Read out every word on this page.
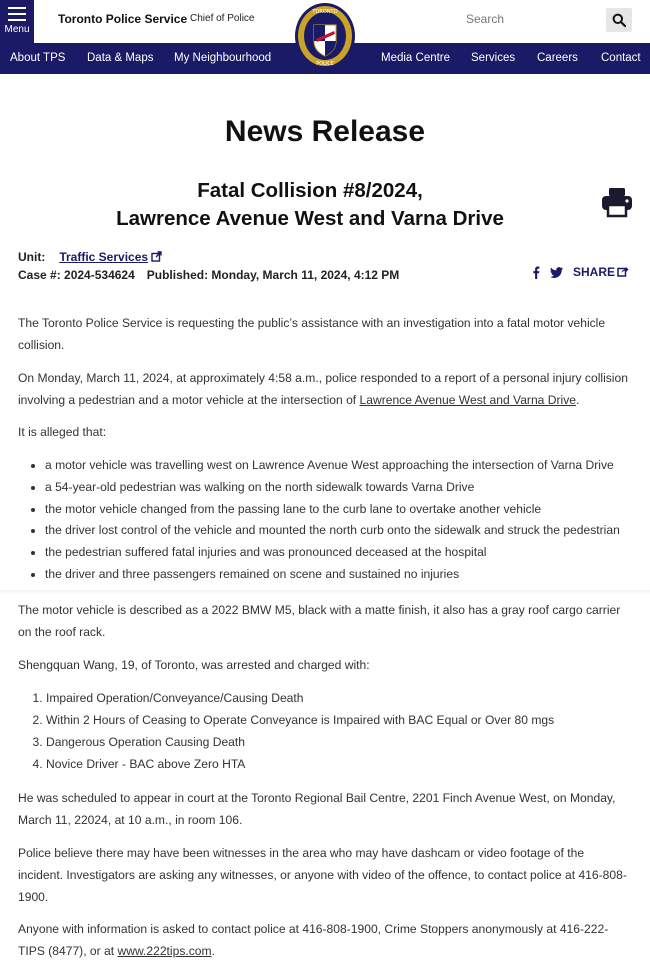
Menu
Toronto Police Service Chief of Police	Search
About TPS Data & Maps My Neighbourhood	Media Centre Services Careers Contact
TORONTO
POLICE
News Release
Fatal Collision #8/2024,
Lawrence Avenue West and Varna Drive
Unit: Traffic Services
Case #: 2024-534624 Published: Monday, March 11, 2024, 4:12 PM	SHARE
The Toronto Police Service is requesting the public’s assistance with an investigation into a fatal motor vehicle collision.
On Monday, March 11, 2024, at approximately 4:58 a.m., police responded to a report of a personal injury collision involving a pedestrian and a motor vehicle at the intersection of Lawrence Avenue West and Varna Drive.
It is alleged that:
• a motor vehicle was travelling west on Lawrence Avenue West approaching the intersection of Varna Drive
• a 54-year-old pedestrian was walking on the north sidewalk towards Varna Drive
• the motor vehicle changed from the passing lane to the curb lane to overtake another vehicle
• the driver lost control of the vehicle and mounted the north curb onto the sidewalk and struck the pedestrian
• the pedestrian suffered fatal injuries and was pronounced deceased at the hospital
• the driver and three passengers remained on scene and sustained no injuries
The motor vehicle is described as a 2022 BMW M5, black with a matte finish, it also has a gray roof cargo carrier on the roof rack.
Shengquan Wang, 19, of Toronto, was arrested and charged with:
1. Impaired Operation/Conveyance/Causing Death
2. Within 2 Hours of Ceasing to Operate Conveyance is Impaired with BAC Equal or Over 80 mgs
3. Dangerous Operation Causing Death
4. Novice Driver - BAC above Zero HTA
He was scheduled to appear in court at the Toronto Regional Bail Centre, 2201 Finch Avenue West, on Monday, March 11, 22024, at 10 a.m., in room 106.
Police believe there may have been witnesses in the area who may have dashcam or video footage of the incident. Investigators are asking any witnesses, or anyone with video of the offence, to contact police at 416-808-1900.
Anyone with information is asked to contact police at 416-808-1900, Crime Stoppers anonymously at 416-222-TIPS (8477), or at www.222tips.com.
